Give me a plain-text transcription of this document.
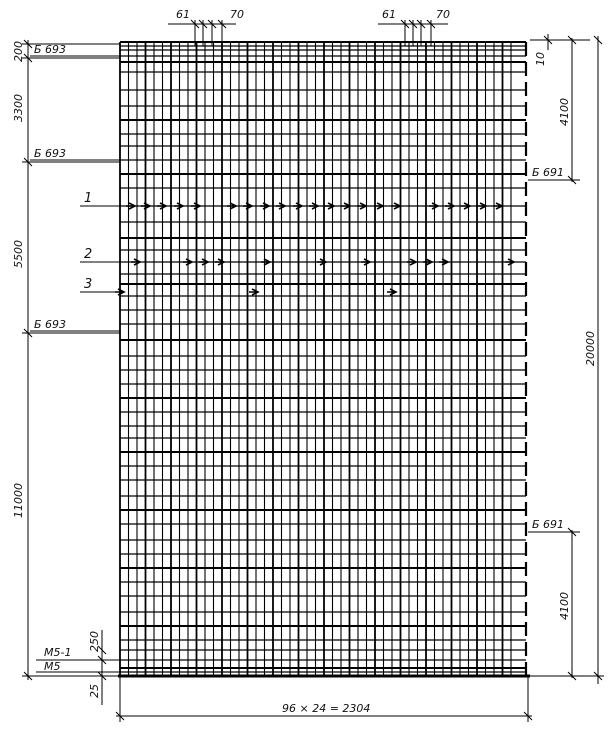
61	70	61	70
200
3300
5500
11000
Б 693
Б 693
Б 693
М5-1
М5
250
25
10
4100
20000
4100
Б 691
Б 691
1
2
3
96 × 24 = 2304
